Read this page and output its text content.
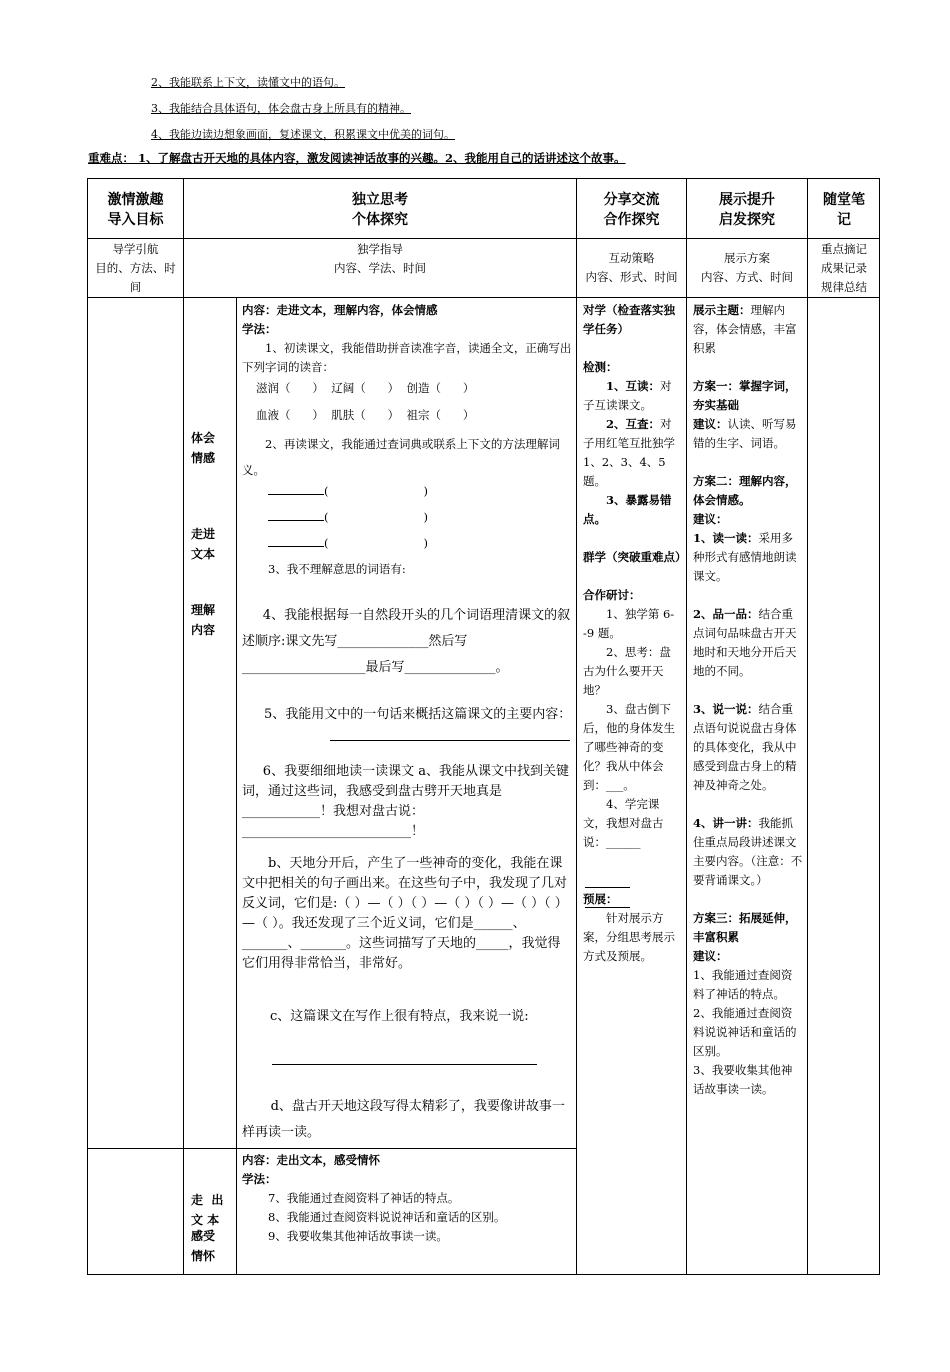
2、我能联系上下文，读懂文中的语句。
3、我能结合具体语句，体会盘古身上所具有的精神。
4、我能边读边想象画面，复述课文，积累课文中优美的词句。
重难点： 1、了解盘古开天地的具体内容，激发阅读神话故事的兴趣。2、我能用自己的话讲述这个故事。
激情激趣
导入目标
独立思考
个体探究
分享交流
合作探究
展示提升
启发探究
随堂笔
记
导学引航
目的、方法、时
间
独学指导
内容、学法、时间
互动策略
内容、形式、时间
展示方案
内容、方式、时间
重点摘记
成果记录
规律总结
体会
情感
走进
文本
理解
内容

走  出
文 本

感受
情怀
内容：走进文本，理解内容，体会情感
学法：
1、初读课文，我能借助拼音读准字音，读通全文，正确写出下列字词的读音：
滋润（      ）  辽阔（      ）  创造（      ）
血液（      ）  肌肤（      ）  祖宗（      ）
2、再读课文，我能通过查词典或联系上下文的方法理解词义。
(                          )
(                          )
(                          )
3、我不理解意思的词语有:
4、我能根据每一自然段开头的几个词语理清课文的叙述顺序:课文先写______________然后写___________________最后写______________。
5、我能用文中的一句话来概括这篇课文的主要内容：
6、我要细细地读一读课文 a、我能从课文中找到关键词，通过这些词，我感受到盘古劈开天地真是 ____________！我想对盘古说：__________________________！
b、天地分开后，产生了一些神奇的变化，我能在课文中把相关的句子画出来。在这些句子中，我发现了几对反义词，它们是:（ ）—（ ）（ ）—（ ）（ ）—（ ）（ ）—（ ）。我还发现了三个近义词，它们是______、_______、_______。这些词描写了天地的_____，我觉得它们用得非常恰当，非常好。
c、这篇课文在写作上很有特点，我来说一说:
d、盘古开天地这段写得太精彩了，我要像讲故事一样再读一读。
内容：走出文本，感受情怀
学法：
7、我能通过查阅资料了神话的特点。
8、我能通过查阅资料说说神话和童话的区别。
9、我要收集其他神话故事读一读。
对学（检查落实独学任务）
检测：
1、互读：对子互读课文。
2、互查：对子用红笔互批独学1、2、3、4、5题。
3、暴露易错点。
群学（突破重难点）
合作研讨：
1、独学第 6--9 题。
2、思考：盘古为什么要开天地？
3、盘古倒下后，他的身体发生了哪些神奇的变化？我从中体会到：___。
4、学完课文，我想对盘古说：______
预展：
针对展示方案，分组思考展示方式及预展。
展示主题：理解内容，体会情感，丰富积累
方案一：掌握字词，夯实基础
建议：认读、听写易错的生字、词语。
方案二：理解内容，体会情感。
建议：
1、读一读：采用多种形式有感情地朗读课文。
2、品一品：结合重点词句品味盘古开天地时和天地分开后天地的不同。
3、说一说：结合重点语句说说盘古身体的具体变化，我从中感受到盘古身上的精神及神奇之处。
4、讲一讲：我能抓住重点局段讲述课文主要内容。（注意：不要背诵课文。）
方案三：拓展延伸，丰富积累
建议：
1、我能通过查阅资料了神话的特点。
2、我能通过查阅资料说说神话和童话的区别。
3、我要收集其他神话故事读一读。
